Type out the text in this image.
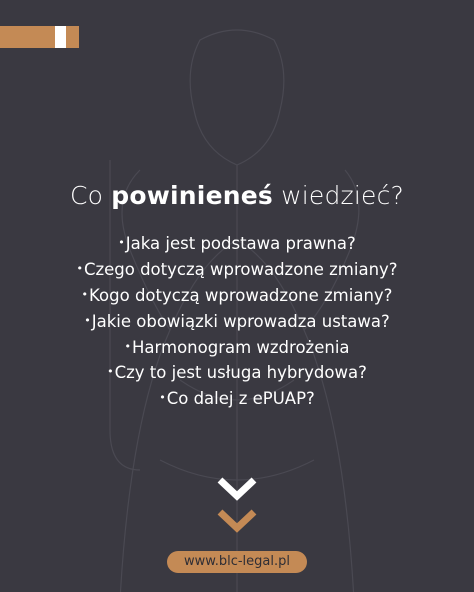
Co powinieneś wiedzieć?
•Jaka jest podstawa prawna?
•Czego dotyczą wprowadzone zmiany?
•Kogo dotyczą wprowadzone zmiany?
•Jakie obowiązki wprowadza ustawa?
•Harmonogram wzdrożenia
•Czy to jest usługa hybrydowa?
•Co dalej z ePUAP?
www.blc-legal.pl
